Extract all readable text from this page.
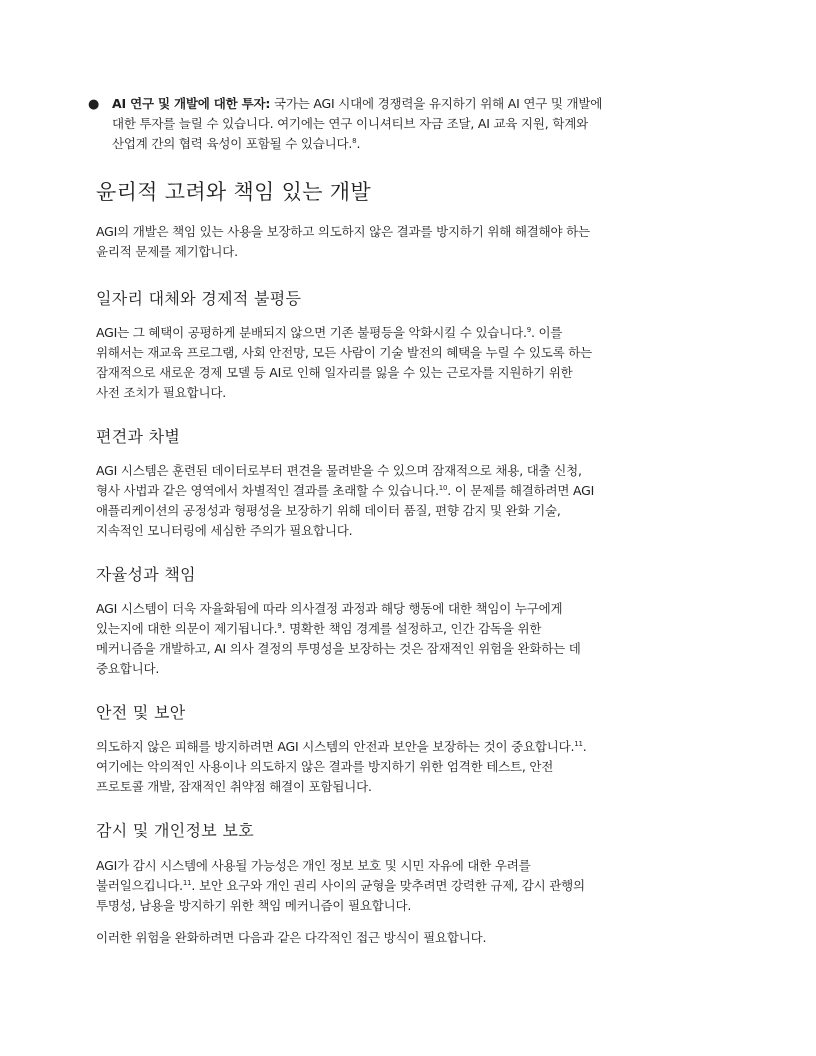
● AI 연구 및 개발에 대한 투자: 국가는 AGI 시대에 경쟁력을 유지하기 위해 AI 연구 및 개발에
대한 투자를 늘릴 수 있습니다. 여기에는 연구 이니셔티브 자금 조달, AI 교육 지원, 학계와
산업계 간의 협력 육성이 포함될 수 있습니다.$^8$.
윤리적 고려와 책임 있는 개발

AGI의 개발은 책임 있는 사용을 보장하고 의도하지 않은 결과를 방지하기 위해 해결해야 하는
윤리적 문제를 제기합니다.

일자리 대체와 경제적 불평등

AGI는 그 혜택이 공평하게 분배되지 않으면 기존 불평등을 악화시킬 수 있습니다.$^9$. 이를
위해서는 재교육 프로그램, 사회 안전망, 모든 사람이 기술 발전의 혜택을 누릴 수 있도록 하는
잠재적으로 새로운 경제 모델 등 AI로 인해 일자리를 잃을 수 있는 근로자를 지원하기 위한
사전 조치가 필요합니다.

편견과 차별

AGI 시스템은 훈련된 데이터로부터 편견을 물려받을 수 있으며 잠재적으로 채용, 대출 신청,
형사 사법과 같은 영역에서 차별적인 결과를 초래할 수 있습니다.$^{10}$. 이 문제를 해결하려면 AGI
애플리케이션의 공정성과 형평성을 보장하기 위해 데이터 품질, 편향 감지 및 완화 기술,
지속적인 모니터링에 세심한 주의가 필요합니다.

자율성과 책임

AGI 시스템이 더욱 자율화됨에 따라 의사결정 과정과 해당 행동에 대한 책임이 누구에게
있는지에 대한 의문이 제기됩니다.$^9$. 명확한 책임 경계를 설정하고, 인간 감독을 위한
메커니즘을 개발하고, AI 의사 결정의 투명성을 보장하는 것은 잠재적인 위험을 완화하는 데
중요합니다.

안전 및 보안

의도하지 않은 피해를 방지하려면 AGI 시스템의 안전과 보안을 보장하는 것이 중요합니다.$^{11}$.
여기에는 악의적인 사용이나 의도하지 않은 결과를 방지하기 위한 엄격한 테스트, 안전
프로토콜 개발, 잠재적인 취약점 해결이 포함됩니다.

감시 및 개인정보 보호

AGI가 감시 시스템에 사용될 가능성은 개인 정보 보호 및 시민 자유에 대한 우려를
불러일으킵니다.$^{11}$. 보안 요구와 개인 권리 사이의 균형을 맞추려면 강력한 규제, 감시 관행의
투명성, 남용을 방지하기 위한 책임 메커니즘이 필요합니다.

이러한 위험을 완화하려면 다음과 같은 다각적인 접근 방식이 필요합니다.
